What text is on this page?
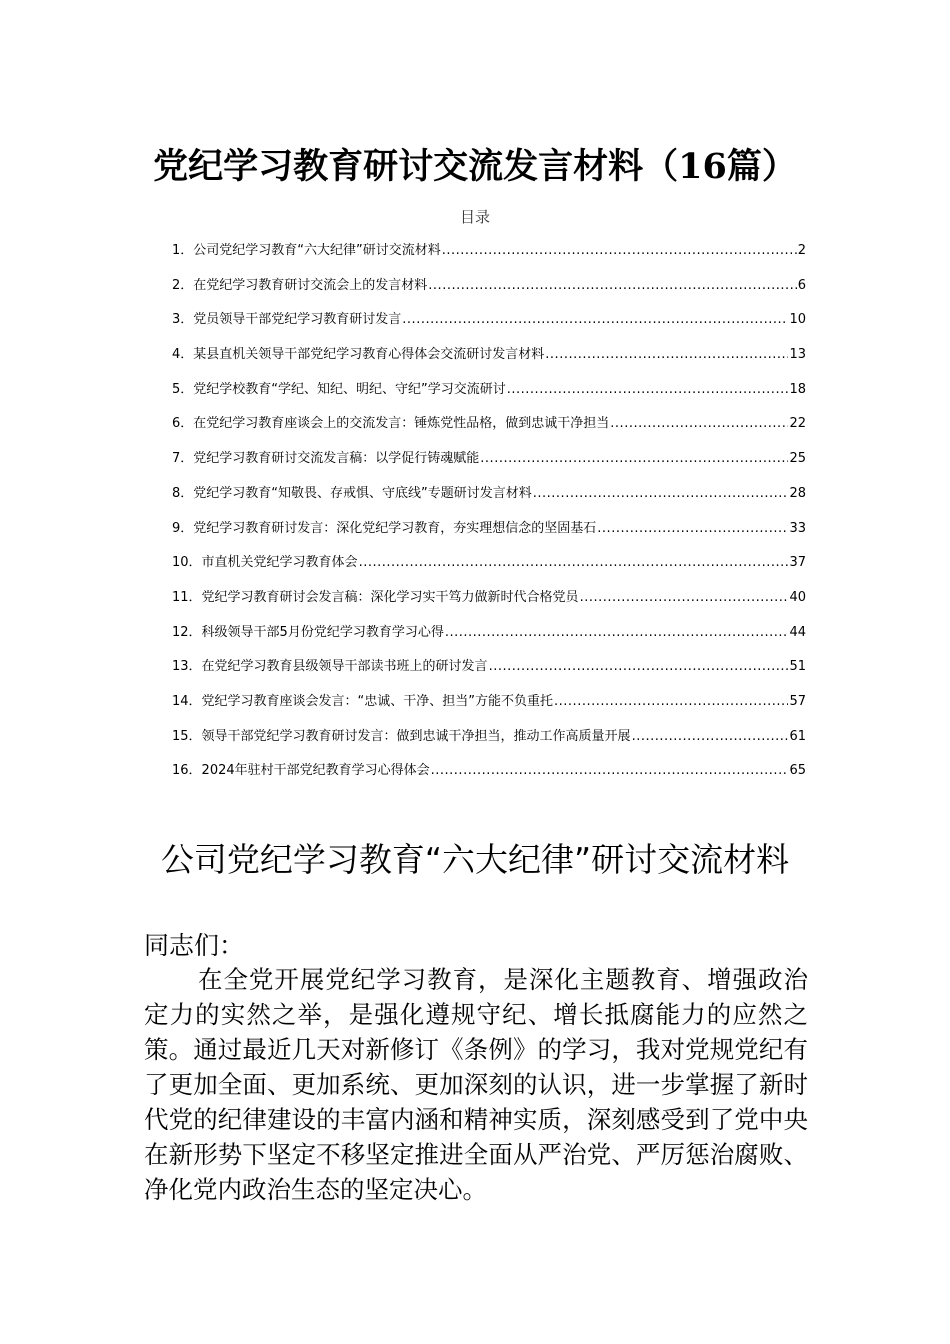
党纪学习教育研讨交流发言材料（16篇）
目录
1． 公司党纪学习教育“六大纪律”研讨交流材料 .....	2
2． 在党纪学习教育研讨交流会上的发言材料 .....	6
3． 党员领导干部党纪学习教育研讨发言 .....	10
4． 某县直机关领导干部党纪学习教育心得体会交流研讨发言材料 .....	13
5． 党纪学校教育“学纪、知纪、明纪、守纪”学习交流研讨 .....	18
6． 在党纪学习教育座谈会上的交流发言：锤炼党性品格，做到忠诚干净担当 .....	22
7． 党纪学习教育研讨交流发言稿：以学促行铸魂赋能 .....	25
8． 党纪学习教育“知敬畏、存戒惧、守底线”专题研讨发言材料 .....	28
9． 党纪学习教育研讨发言：深化党纪学习教育，夯实理想信念的坚固基石 .....	33
10． 市直机关党纪学习教育体会 .....	37
11． 党纪学习教育研讨会发言稿：深化学习实干笃力做新时代合格党员 .....	40
12． 科级领导干部5月份党纪学习教育学习心得 .....	44
13． 在党纪学习教育县级领导干部读书班上的研讨发言 .....	51
14． 党纪学习教育座谈会发言：“忠诚、干净、担当”方能不负重托 .....	57
15． 领导干部党纪学习教育研讨发言：做到忠诚干净担当，推动工作高质量开展 .....	61
16． 2024年驻村干部党纪教育学习心得体会 .....	65
公司党纪学习教育“六大纪律”研讨交流材料
同志们：

在全党开展党纪学习教育，是深化主题教育、增强政治定力的实然之举，是强化遵规守纪、增长抵腐能力的应然之策。通过最近几天对新修订《条例》的学习，我对党规党纪有了更加全面、更加系统、更加深刻的认识，进一步掌握了新时代党的纪律建设的丰富内涵和精神实质，深刻感受到了党中央在新形势下坚定不移坚定推进全面从严治党、严厉惩治腐败、净化党内政治生态的坚定决心。
